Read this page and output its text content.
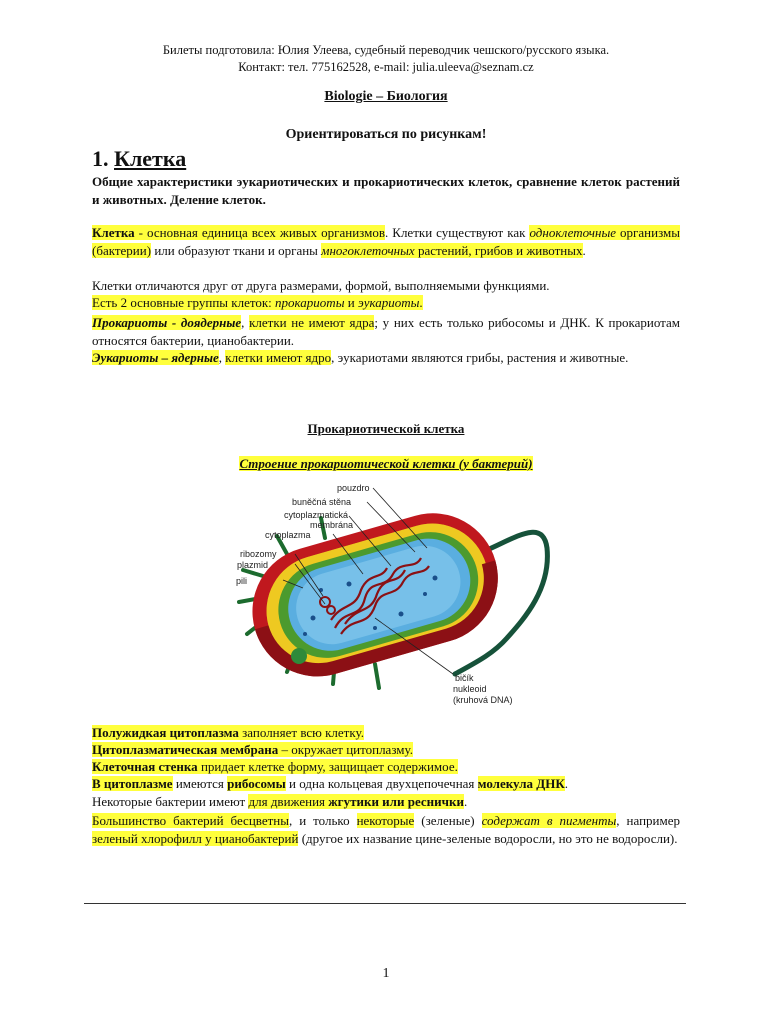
Билеты подготовила: Юлия Улеева, судебный переводчик чешского/русского языка.
Контакт: тел. 775162528, e-mail: julia.uleeva@seznam.cz
Biologie – Биология
Ориентироваться по рисункам!
1. Клетка
Общие характеристики эукариотических и прокариотических клеток, сравнение клеток растений и животных. Деление клеток.
Клетка - основная единица всех живых организмов. Клетки существуют как одноклеточные организмы (бактерии) или образуют ткани и органы многоклеточных растений, грибов и животных.
Клетки отличаются друг от друга размерами, формой, выполняемыми функциями.
Есть 2 основные группы клеток: прокариоты и эукариоты.
Прокариоты - доядерные, клетки не имеют ядра; у них есть только рибосомы и ДНК. К прокариотам относятся бактерии, цианобактерии.
Эукариоты – ядерные, клетки имеют ядро, эукариотами являются грибы, растения и животные.
Прокариотической клетка
Строение прокариотической клетки (у бактерий)
pouzdro
buněčná stěna
cytoplazmatická
membrána
cytoplazma
ribozomy
plazmid
pili
bičík
nukleoid
(kruhová DNA)
Полужидкая цитоплазма заполняет всю клетку.
Цитоплазматическая мембрана – окружает цитоплазму.
Клеточная стенка придает клетке форму, защищает содержимое.
В цитоплазме имеются рибосомы и одна кольцевая двухцепочечная молекула ДНК.
Некоторые бактерии имеют для движения жгутики или реснички.
Большинство бактерий бесцветны, и только некоторые (зеленые) содержат в пигменты, например зеленый хлорофилл у цианобактерий (другое их название цине-зеленые водоросли, но это не водоросли).
1
